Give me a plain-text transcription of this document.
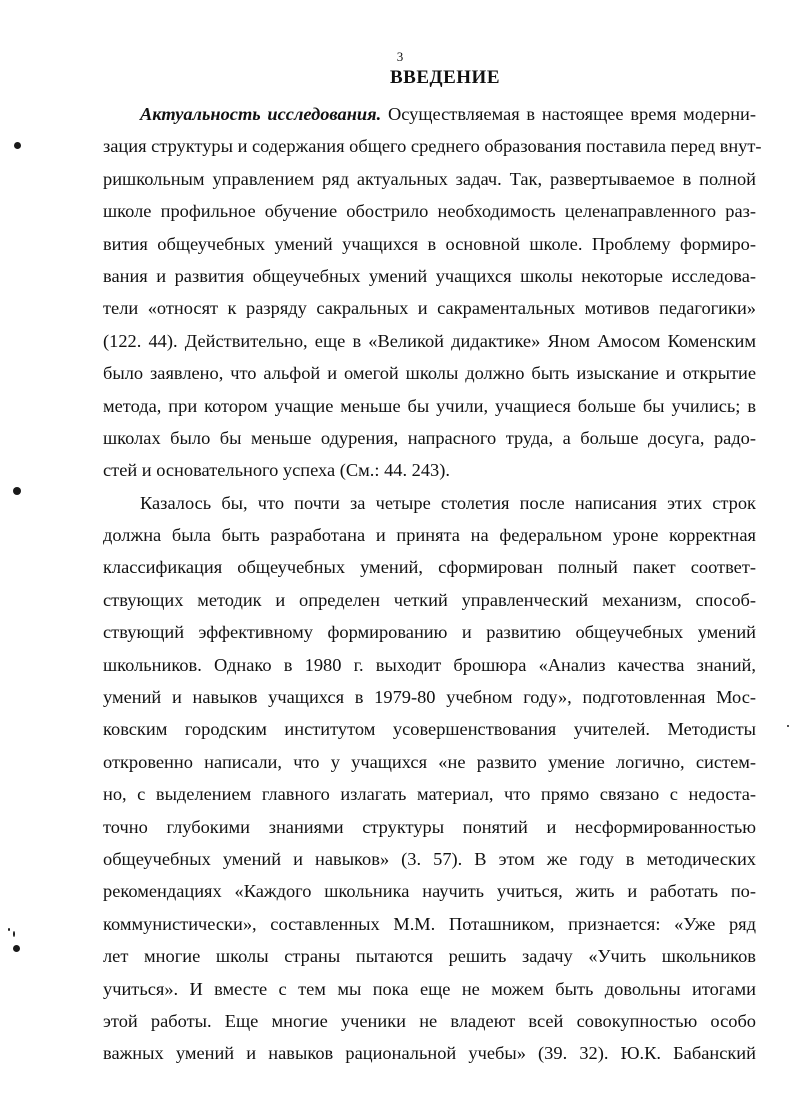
3
ВВЕДЕНИЕ
Актуальность исследования. Осуществляемая в настоящее время модерни-
зация структуры и содержания общего среднего образования поставила перед внут-
ришкольным управлением ряд актуальных задач. Так, развертываемое в полной
школе профильное обучение обострило необходимость целенаправленного раз-
вития общеучебных умений учащихся в основной школе. Проблему формиро-
вания и развития общеучебных умений учащихся школы некоторые исследова-
тели «относят к разряду сакральных и сакраментальных мотивов педагогики»
(122. 44). Действительно, еще в «Великой дидактике» Яном Амосом Коменским
было заявлено, что альфой и омегой школы должно быть изыскание и открытие
метода, при котором учащие меньше бы учили, учащиеся больше бы учились; в
школах было бы меньше одурения, напрасного труда, а больше досуга, радо-
стей и основательного успеха (См.: 44. 243).
Казалось бы, что почти за четыре столетия после написания этих строк
должна была быть разработана и принята на федеральном уроне корректная
классификация общеучебных умений, сформирован полный пакет соответ-
ствующих методик и определен четкий управленческий механизм, способ-
ствующий эффективному формированию и развитию общеучебных умений
школьников. Однако в 1980 г. выходит брошюра «Анализ качества знаний,
умений и навыков учащихся в 1979-80 учебном году», подготовленная Мос-
ковским городским институтом усовершенствования учителей. Методисты
откровенно написали, что у учащихся «не развито умение логично, систем-
но, с выделением главного излагать материал, что прямо связано с недоста-
точно глубокими знаниями структуры понятий и несформированностью
общеучебных умений и навыков» (3. 57). В этом же году в методических
рекомендациях «Каждого школьника научить учиться, жить и работать по-
коммунистически», составленных М.М. Поташником, признается: «Уже ряд
лет многие школы страны пытаются решить задачу «Учить школьников
учиться». И вместе с тем мы пока еще не можем быть довольны итогами
этой работы. Еще многие ученики не владеют всей совокупностью особо
важных умений и навыков рациональной учебы» (39. 32). Ю.К. Бабанский
